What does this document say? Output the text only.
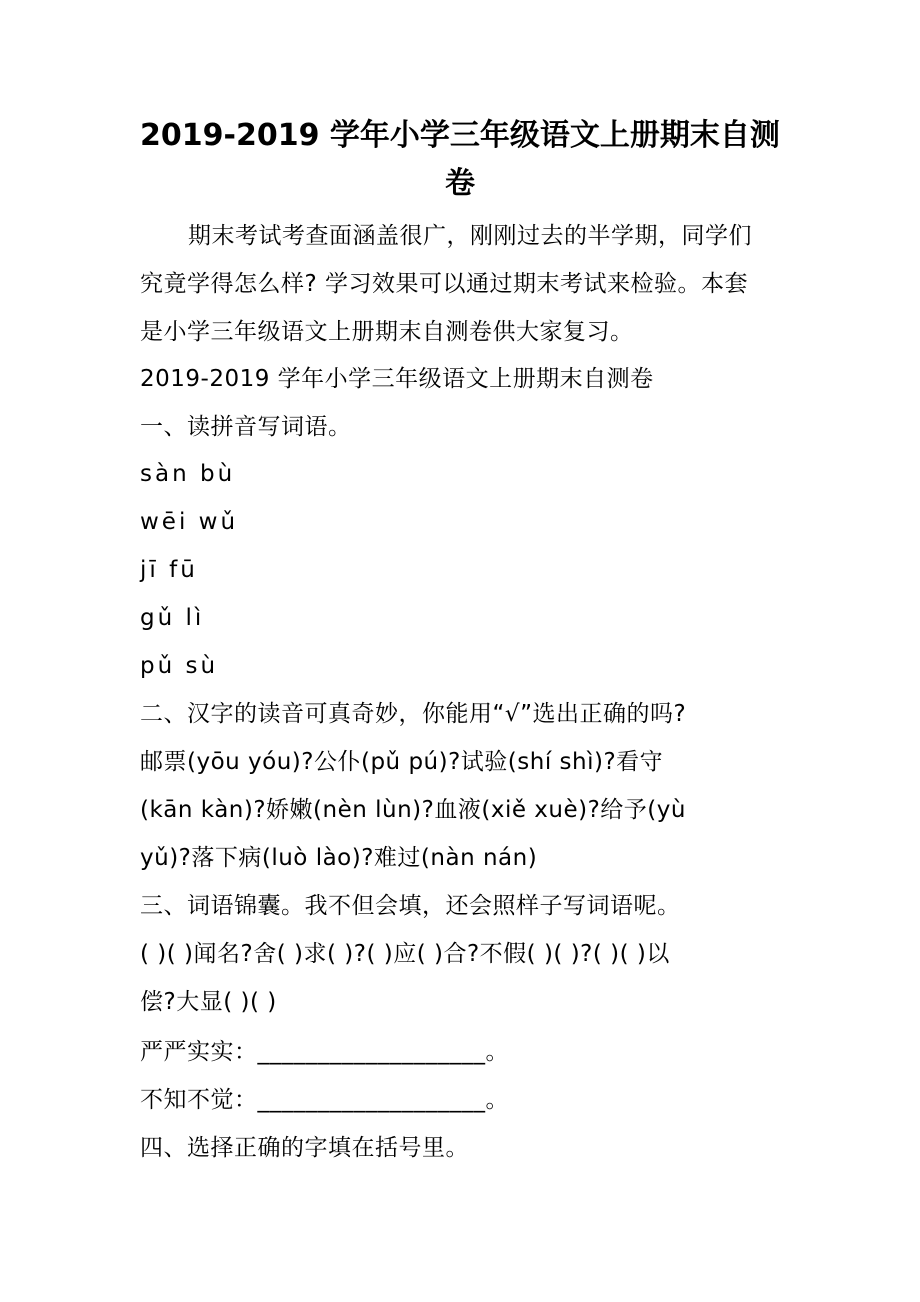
2019-2019 学年小学三年级语文上册期末自测
卷
期末考试考查面涵盖很广，刚刚过去的半学期，同学们
究竟学得怎么样? 学习效果可以通过期末考试来检验。本套
是小学三年级语文上册期末自测卷供大家复习。
2019-2019 学年小学三年级语文上册期末自测卷
一、读拼音写词语。
sàn bù
wēi wǔ
jī fū
gǔ lì
pǔ sù
二、汉字的读音可真奇妙，你能用“√”选出正确的吗?
邮票(yōu yóu)?公仆(pǔ pú)?试验(shí shì)?看守
(kān kàn)?娇嫩(nèn lùn)?血液(xiě xuè)?给予(yù
yǔ)?落下病(luò lào)?难过(nàn nán)
三、词语锦囊。我不但会填，还会照样子写词语呢。
( )( )闻名?舍( )求( )?( )应( )合?不假( )( )?( )( )以
偿?大显( )( )
严严实实：___________________。
不知不觉：___________________。
四、选择正确的字填在括号里。
